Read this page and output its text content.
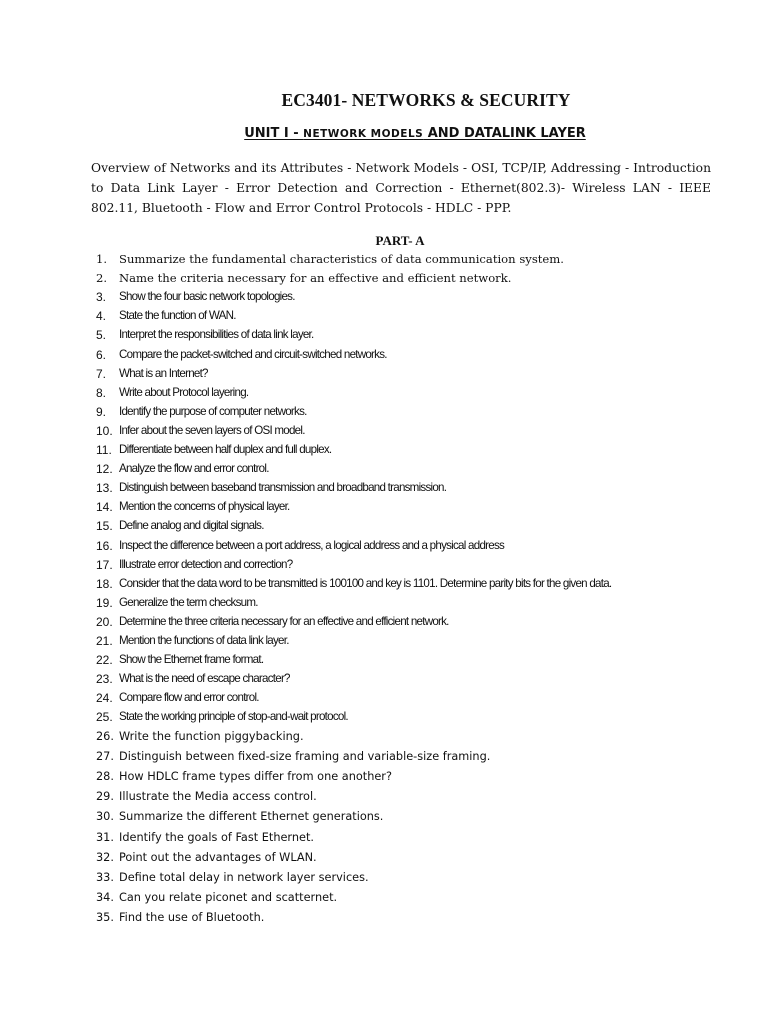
EC3401- NETWORKS & SECURITY
UNIT I - NETWORK MODELS AND DATALINK LAYER
Overview of Networks and its Attributes - Network Models - OSI, TCP/IP, Addressing - Introduction to Data Link Layer - Error Detection and Correction - Ethernet(802.3)- Wireless LAN - IEEE 802.11, Bluetooth - Flow and Error Control Protocols - HDLC - PPP.
PART- A
1.	Summarize the fundamental characteristics of data communication system.
2.	Name the criteria necessary for an effective and efficient network.
3.	Show the four basic network topologies.
4.	State the function of WAN.
5.	Interpret the responsibilities of data link layer.
6.	Compare the packet-switched and circuit-switched networks.
7.	What is an Internet?
8.	Write about Protocol layering.
9.	Identify the purpose of computer networks.
10. Infer about the seven layers of OSI model.
11. Differentiate between half duplex and full duplex.
12. Analyze the flow and error control.
13. Distinguish between baseband transmission and broadband transmission.
14. Mention the concerns of physical layer.
15. Define analog and digital signals.
16. Inspect the difference between a port address, a logical address and a physical address
17. Illustrate error detection and correction?
18. Consider that the data word to be transmitted is 100100 and key is 1101. Determine parity bits for the given data.
19. Generalize the term checksum.
20. Determine the three criteria necessary for an effective and efficient network.
21. Mention the functions of data link layer.
22. Show the Ethernet frame format.
23. What is the need of escape character?
24. Compare flow and error control.
25. State the working principle of stop-and-wait protocol.
26. Write the function piggybacking.
27. Distinguish between fixed-size framing and variable-size framing.
28. How HDLC frame types differ from one another?
29. Illustrate the Media access control.
30. Summarize the different Ethernet generations.
31. Identify the goals of Fast Ethernet.
32. Point out the advantages of WLAN.
33. Define total delay in network layer services.
34. Can you relate piconet and scatternet.
35. Find the use of Bluetooth.
